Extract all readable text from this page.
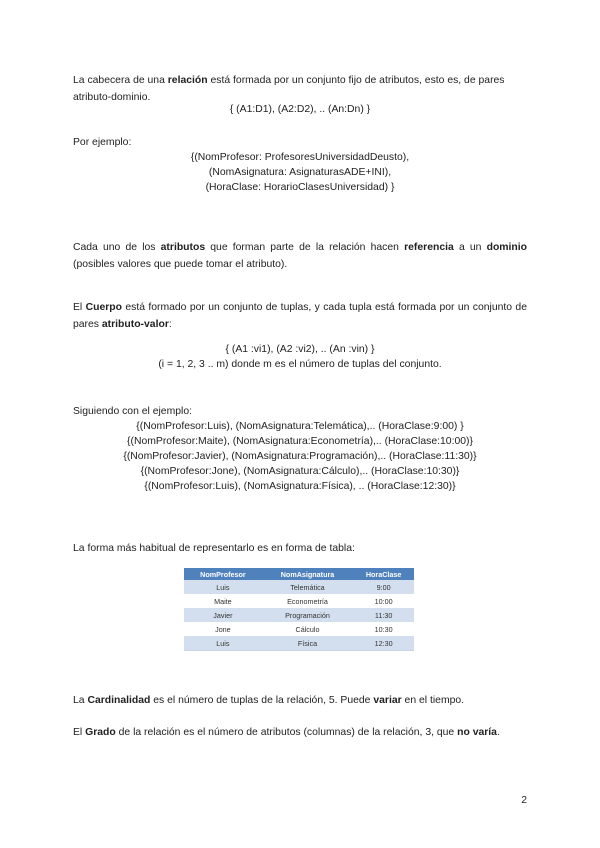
La cabecera de una relación está formada por un conjunto fijo de atributos, esto es, de pares atributo-dominio.

{ (A1:D1), (A2:D2), .. (An:Dn) }

Por ejemplo:

{(NomProfesor: ProfesoresUniversidadDeusto),

(NomAsignatura: AsignaturasADE+INI),

(HoraClase: HorarioClasesUniversidad) }

Cada uno de los atributos que forman parte de la relación hacen referencia a un dominio (posibles valores que puede tomar el atributo).

El Cuerpo está formado por un conjunto de tuplas, y cada tupla está formada por un conjunto de pares atributo-valor:

{ (A1 :vi1), (A2 :vi2), .. (An :vin) }

(i = 1, 2, 3 .. m) donde m es el número de tuplas del conjunto.

Siguiendo con el ejemplo:

{(NomProfesor:Luis), (NomAsignatura:Telemática),.. (HoraClase:9:00) }

{(NomProfesor:Maite), (NomAsignatura:Econometría),.. (HoraClase:10:00)}

{(NomProfesor:Javier), (NomAsignatura:Programación),.. (HoraClase:11:30)}

{(NomProfesor:Jone), (NomAsignatura:Cálculo),.. (HoraClase:10:30)}

{(NomProfesor:Luis), (NomAsignatura:Física), .. (HoraClase:12:30)}

La forma más habitual de representarlo es en forma de tabla:

NomProfesor	NomAsignatura	HoraClase
Luis	Telemática	9:00
Maite	Econometría	10:00
Javier	Programación	11:30
Jone	Cálculo	10:30
Luis	Física	12:30

La Cardinalidad es el número de tuplas de la relación, 5. Puede variar en el tiempo.

El Grado de la relación es el número de atributos (columnas) de la relación, 3, que no varía.

2
